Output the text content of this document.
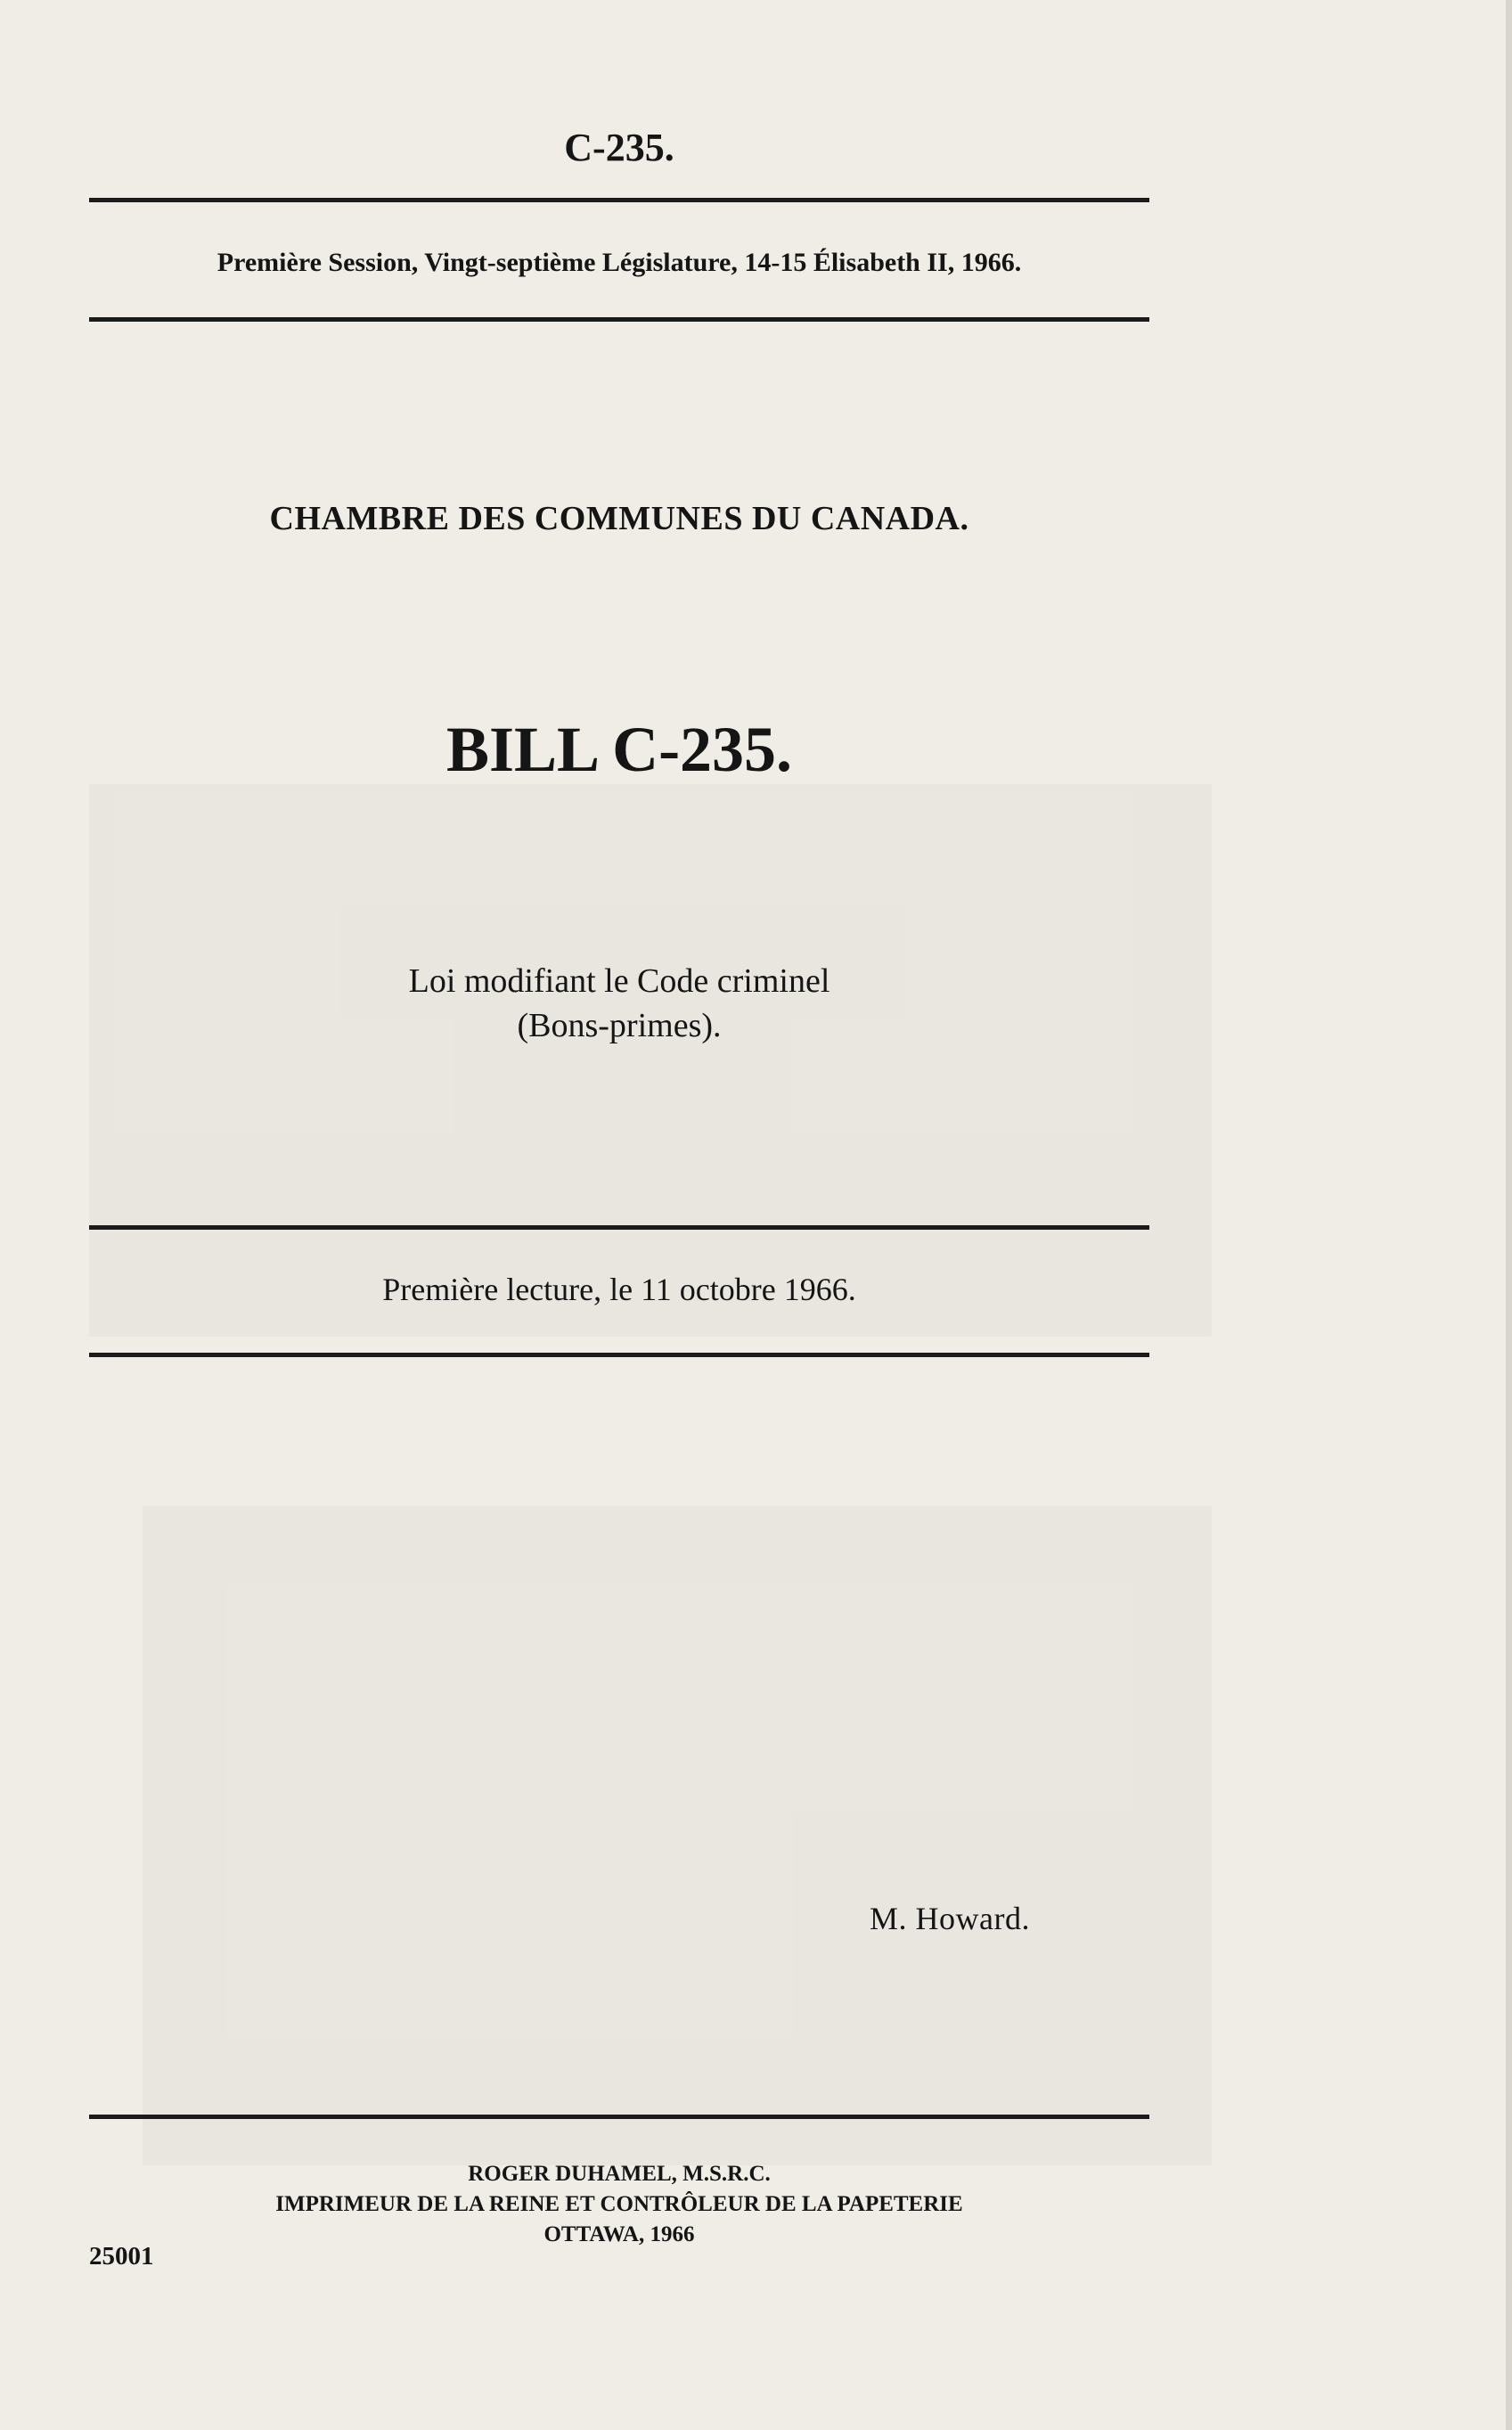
C-235.
Première Session, Vingt-septième Législature, 14-15 Élisabeth II, 1966.
CHAMBRE DES COMMUNES DU CANADA.
BILL C-235.
Loi modifiant le Code criminel
(Bons-primes).
Première lecture, le 11 octobre 1966.
M. Howard.
ROGER DUHAMEL, M.S.R.C.
IMPRIMEUR DE LA REINE ET CONTRÔLEUR DE LA PAPETERIE
OTTAWA, 1966
25001
